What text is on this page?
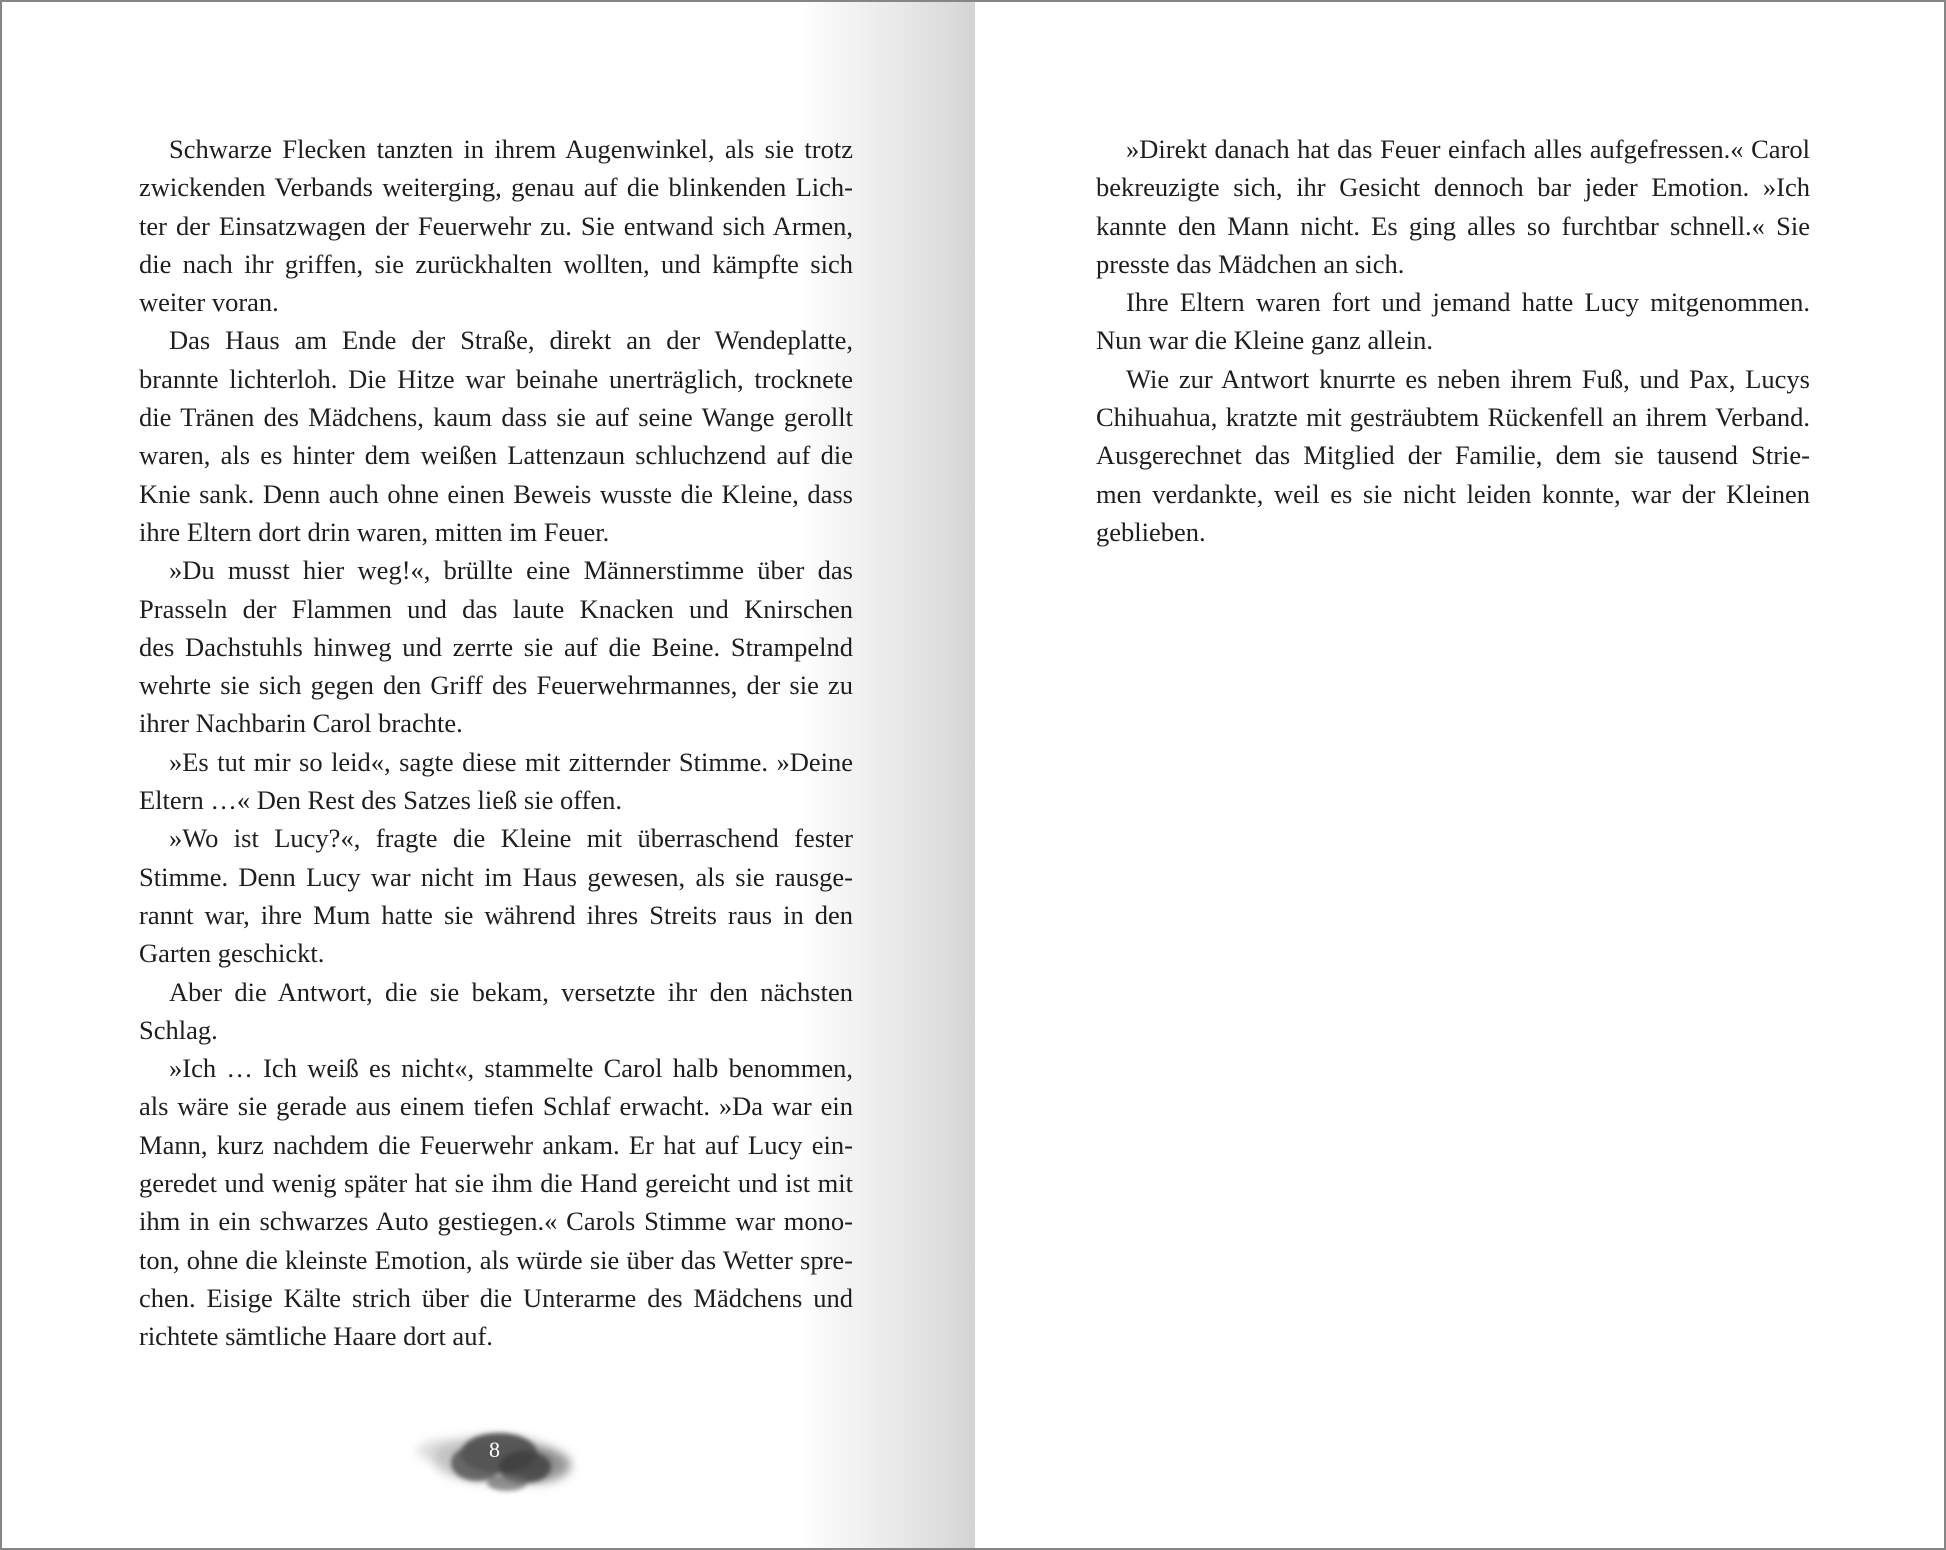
Schwarze Flecken tanzten in ihrem Augenwinkel, als sie trotz
zwickenden Verbands weiterging, genau auf die blinkenden Lich-
ter der Einsatzwagen der Feuerwehr zu. Sie entwand sich Armen,
die nach ihr griffen, sie zurückhalten wollten, und kämpfte sich
weiter voran.
Das Haus am Ende der Straße, direkt an der Wendeplatte,
brannte lichterloh. Die Hitze war beinahe unerträglich, trocknete
die Tränen des Mädchens, kaum dass sie auf seine Wange gerollt
waren, als es hinter dem weißen Lattenzaun schluchzend auf die
Knie sank. Denn auch ohne einen Beweis wusste die Kleine, dass
ihre Eltern dort drin waren, mitten im Feuer.
»Du musst hier weg!«, brüllte eine Männerstimme über das
Prasseln der Flammen und das laute Knacken und Knirschen
des Dachstuhls hinweg und zerrte sie auf die Beine. Strampelnd
wehrte sie sich gegen den Griff des Feuerwehrmannes, der sie zu
ihrer Nachbarin Carol brachte.
»Es tut mir so leid«, sagte diese mit zitternder Stimme. »Deine
Eltern …« Den Rest des Satzes ließ sie offen.
»Wo ist Lucy?«, fragte die Kleine mit überraschend fester
Stimme. Denn Lucy war nicht im Haus gewesen, als sie rausge-
rannt war, ihre Mum hatte sie während ihres Streits raus in den
Garten geschickt.
Aber die Antwort, die sie bekam, versetzte ihr den nächsten
Schlag.
»Ich … Ich weiß es nicht«, stammelte Carol halb benommen,
als wäre sie gerade aus einem tiefen Schlaf erwacht. »Da war ein
Mann, kurz nachdem die Feuerwehr ankam. Er hat auf Lucy ein-
geredet und wenig später hat sie ihm die Hand gereicht und ist mit
ihm in ein schwarzes Auto gestiegen.« Carols Stimme war mono-
ton, ohne die kleinste Emotion, als würde sie über das Wetter spre-
chen. Eisige Kälte strich über die Unterarme des Mädchens und
richtete sämtliche Haare dort auf.
»Direkt danach hat das Feuer einfach alles aufgefressen.« Carol
bekreuzigte sich, ihr Gesicht dennoch bar jeder Emotion. »Ich
kannte den Mann nicht. Es ging alles so furchtbar schnell.« Sie
presste das Mädchen an sich.
Ihre Eltern waren fort und jemand hatte Lucy mitgenommen.
Nun war die Kleine ganz allein.
Wie zur Antwort knurrte es neben ihrem Fuß, und Pax, Lucys
Chihuahua, kratzte mit gesträubtem Rückenfell an ihrem Verband.
Ausgerechnet das Mitglied der Familie, dem sie tausend Strie-
men verdankte, weil es sie nicht leiden konnte, war der Kleinen
geblieben.
8
